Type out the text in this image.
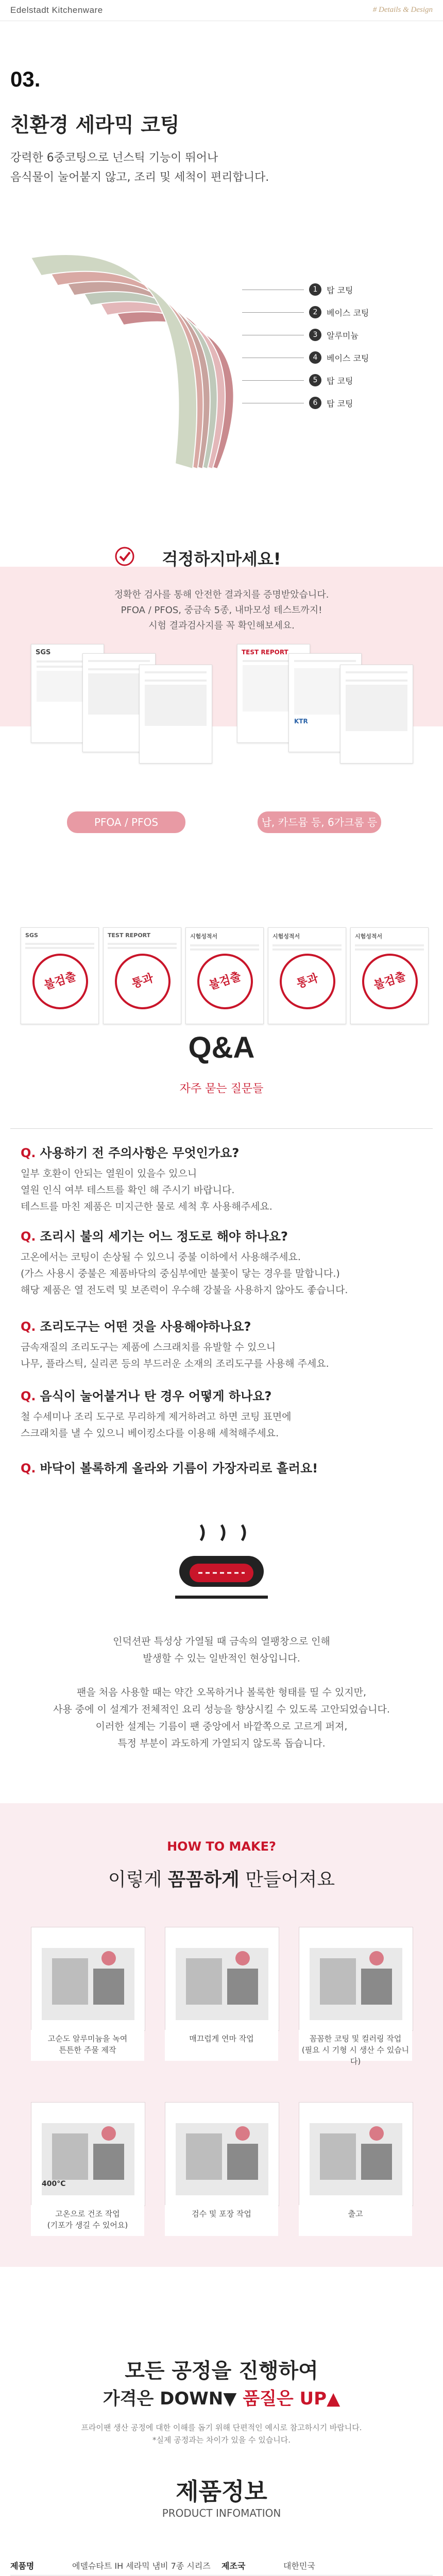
Edelstadt Kitchenware	# Details & Design
03.
친환경 세라믹 코팅
강력한 6중코팅으로 넌스틱 기능이 뛰어나
음식물이 눌어붙지 않고, 조리 및 세척이 편리합니다.
1	탑 코팅
2	베이스 코팅
3	알루미늄
4	베이스 코팅
5	탑 코팅
6	탑 코팅
걱정하지마세요!
정확한 검사를 통해 안전한 결과치를 증명받았습니다.
PFOA / PFOS, 중금속 5종, 내마모성 테스트까지!
시험 결과검사지를 꼭 확인해보세요.
SGS	TEST REPORT
KTR
PFOA / PFOS	납, 카드뮴 등, 6가크롬 등
Q&A
자주 묻는 질문들
인덕션판 특성상 가열될 때 금속의 열팽창으로 인해
발생할 수 있는 일반적인 현상입니다.

팬을 처음 사용할 때는 약간 오목하거나 볼록한 형태를 띨 수 있지만,
사용 중에 이 설계가 전체적인 요리 성능을 향상시킬 수 있도록 고안되었습니다.
이러한 설계는 기름이 팬 중앙에서 바깥쪽으로 고르게 퍼져,
특정 부분이 과도하게 가열되지 않도록 돕습니다.
HOW TO MAKE?
이렇게 꼼꼼하게 만들어져요
모든 공정을 진행하여
가격은 DOWN▼ 품질은 UP▲
프라이팬 생산 공정에 대한 이해를 돕기 위해 단편적인 예시로 참고하시기 바랍니다.
*실제 공정과는 차이가 있을 수 있습니다.
제품정보
PRODUCT INFOMATION

SGS
불검출
TEST REPORT
통과
시험성적서
불검출
시험성적서
통과
시험성적서
불검출
Q. 사용하기 전 주의사항은 무엇인가요?
일부 호환이 안되는 열원이 있을수 있으니
열원 인식 여부 테스트를 확인 해 주시기 바랍니다.
테스트를 마친 제품은 미지근한 물로 세척 후 사용해주세요.
Q. 조리시 불의 세기는 어느 정도로 해야 하나요?
고온에서는 코팅이 손상될 수 있으니 중불 이하에서 사용해주세요.
(가스 사용시 중불은 제품바닥의 중심부에만 불꽃이 닿는 경우를 말합니다.)
해당 제품은 열 전도력 및 보존력이 우수해 강불을 사용하지 않아도 좋습니다.
Q. 조리도구는 어떤 것을 사용해야하나요?
금속재질의 조리도구는 제품에 스크래치를 유발할 수 있으니
나무, 플라스틱, 실리콘 등의 부드러운 소재의 조리도구를 사용해 주세요.
Q. 음식이 눌어붙거나 탄 경우 어떻게 하나요?
철 수세미나 조리 도구로 무리하게 제거하려고 하면 코팅 표면에
스크래치를 낼 수 있으니 베이킹소다를 이용해 세척해주세요.
Q. 바닥이 볼록하게 올라와 기름이 가장자리로 흘러요!
고순도 알루미늄을 녹여
튼튼한 주물 제작
매끄럽게 연마 작업	꼼꼼한 코팅 및 컬러링 작업
(필요 시 기형 시 생산 수 있습니다)
400°C
고온으로 건조 작업
(기포가 생길 수 있어요)
검수 및 포장 작업	출고
제품명	에델슈타트 IH 세라믹 냄비 7종 시리즈	제조국	대한민국
